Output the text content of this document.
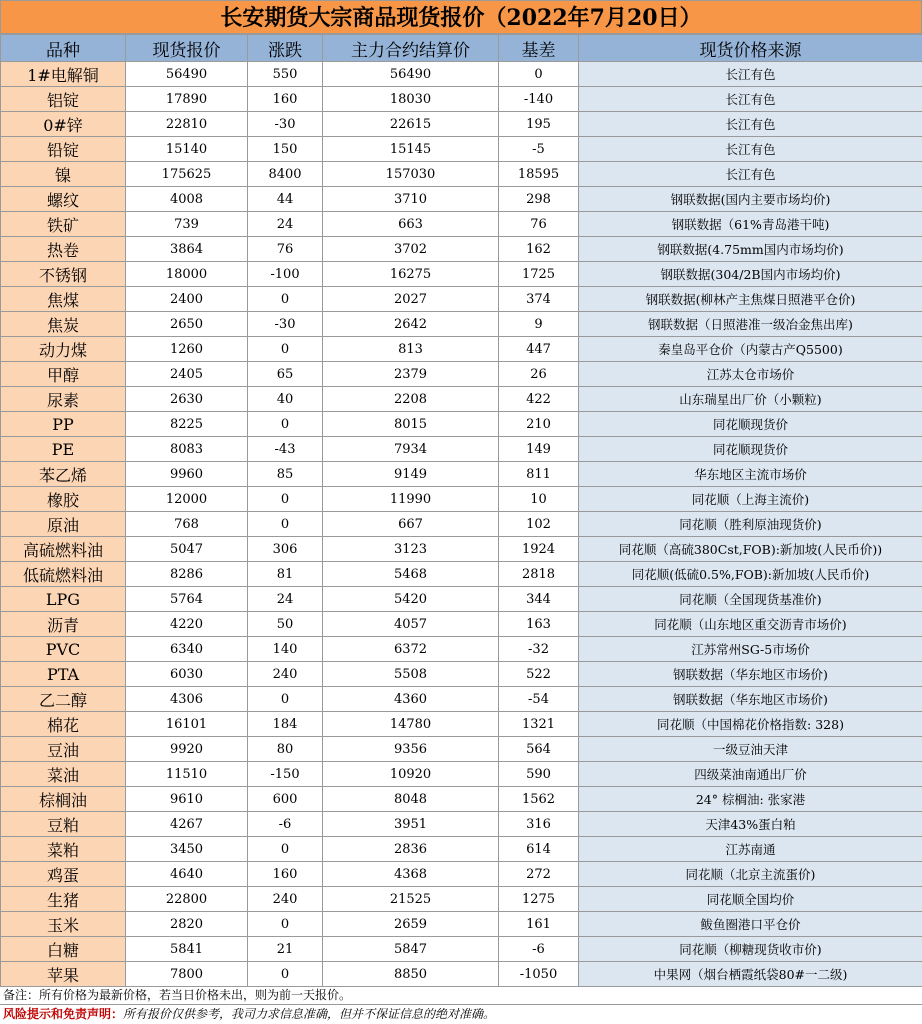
长安期货大宗商品现货报价（2022年7月20日）
品种	现货报价	涨跌	主力合约结算价	基差	现货价格来源
1#电解铜	56490	550	56490	0	长江有色
铝锭	17890	160	18030	-140	长江有色
0#锌	22810	-30	22615	195	长江有色
铅锭	15140	150	15145	-5	长江有色
镍	175625	8400	157030	18595	长江有色
螺纹	4008	44	3710	298	钢联数据(国内主要市场均价)
铁矿	739	24	663	76	钢联数据（61%青岛港干吨)
热卷	3864	76	3702	162	钢联数据(4.75mm国内市场均价)
不锈钢	18000	-100	16275	1725	钢联数据(304/2B国内市场均价)
焦煤	2400	0	2027	374	钢联数据(柳林产主焦煤日照港平仓价)
焦炭	2650	-30	2642	9	钢联数据（日照港准一级冶金焦出库)
动力煤	1260	0	813	447	秦皇岛平仓价（内蒙古产Q5500)
甲醇	2405	65	2379	26	江苏太仓市场价
尿素	2630	40	2208	422	山东瑞星出厂价（小颗粒)
PP	8225	0	8015	210	同花顺现货价
PE	8083	-43	7934	149	同花顺现货价
苯乙烯	9960	85	9149	811	华东地区主流市场价
橡胶	12000	0	11990	10	同花顺（上海主流价)
原油	768	0	667	102	同花顺（胜利原油现货价)
高硫燃料油	5047	306	3123	1924	同花顺（高硫380Cst,FOB):新加坡(人民币价))
低硫燃料油	8286	81	5468	2818	同花顺(低硫0.5%,FOB):新加坡(人民币价)
LPG	5764	24	5420	344	同花顺（全国现货基准价)
沥青	4220	50	4057	163	同花顺（山东地区重交沥青市场价)
PVC	6340	140	6372	-32	江苏常州SG-5市场价
PTA	6030	240	5508	522	钢联数据（华东地区市场价)
乙二醇	4306	0	4360	-54	钢联数据（华东地区市场价)
棉花	16101	184	14780	1321	同花顺（中国棉花价格指数: 328)
豆油	9920	80	9356	564	一级豆油天津
菜油	11510	-150	10920	590	四级菜油南通出厂价
棕榈油	9610	600	8048	1562	24° 棕榈油: 张家港
豆粕	4267	-6	3951	316	天津43%蛋白粕
菜粕	3450	0	2836	614	江苏南通
鸡蛋	4640	160	4368	272	同花顺（北京主流蛋价)
生猪	22800	240	21525	1275	同花顺全国均价
玉米	2820	0	2659	161	鲅鱼圈港口平仓价
白糖	5841	21	5847	-6	同花顺（柳糖现货收市价)
苹果	7800	0	8850	-1050	中果网（烟台栖霞纸袋80#一二级)
备注：所有价格为最新价格，若当日价格未出，则为前一天报价。
风险提示和免责声明：所有报价仅供参考，我司力求信息准确，但并不保证信息的绝对准确。
